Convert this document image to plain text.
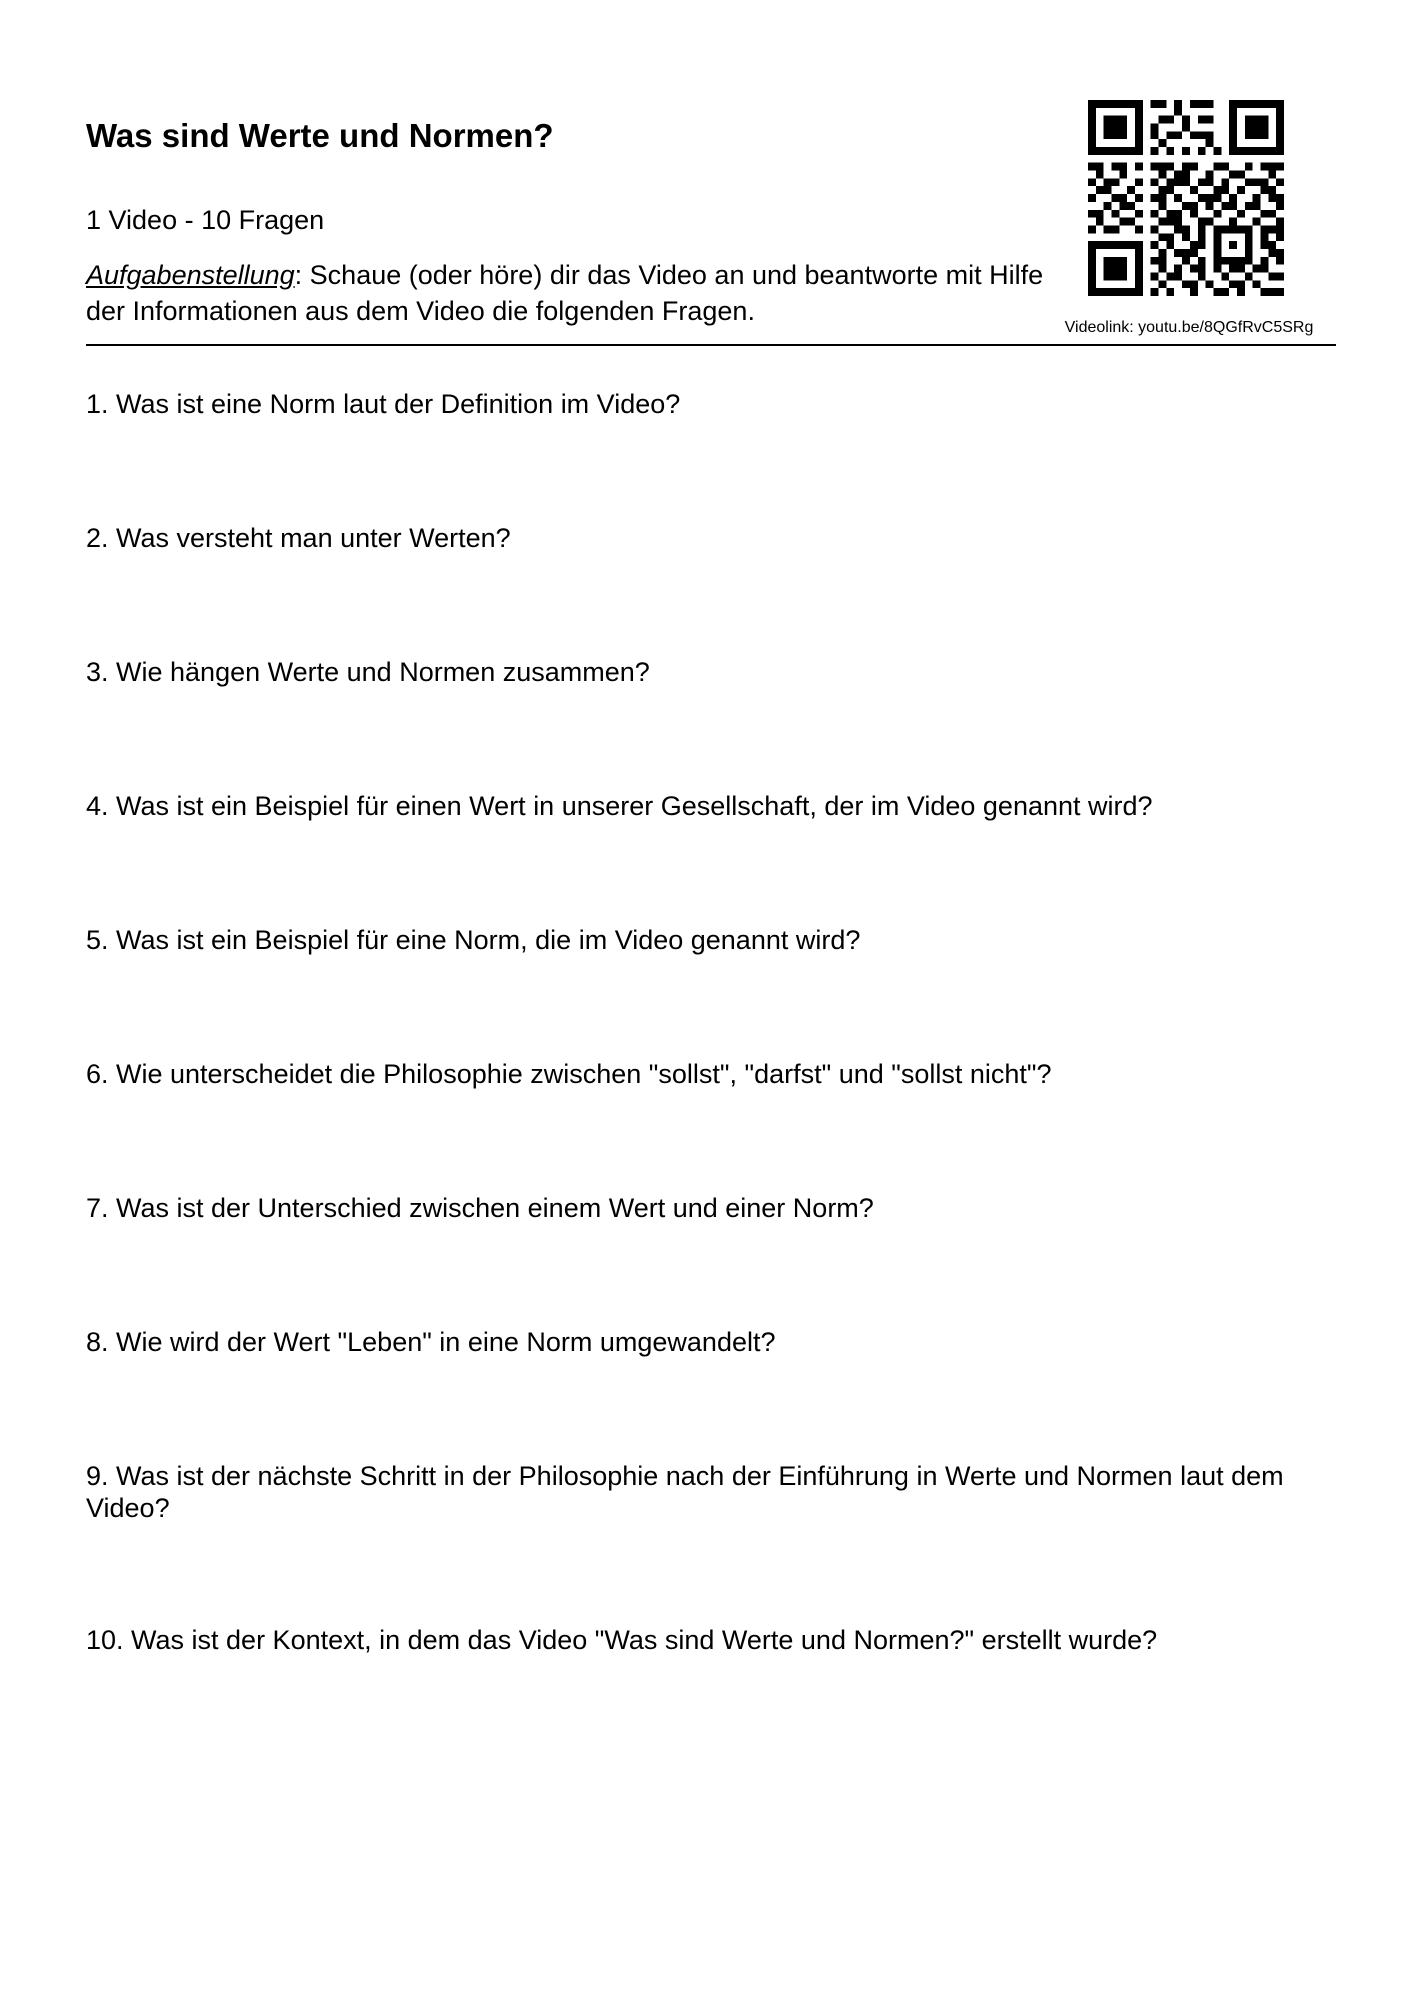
Was sind Werte und Normen?
1 Video - 10 Fragen
Aufgabenstellung: Schaue (oder höre) dir das Video an und beantworte mit Hilfe der Informationen aus dem Video die folgenden Fragen.
Videolink: youtu.be/8QGfRvC5SRg
1. Was ist eine Norm laut der Definition im Video?
2. Was versteht man unter Werten?
3. Wie hängen Werte und Normen zusammen?
4. Was ist ein Beispiel für einen Wert in unserer Gesellschaft, der im Video genannt wird?
5. Was ist ein Beispiel für eine Norm, die im Video genannt wird?
6. Wie unterscheidet die Philosophie zwischen "sollst", "darfst" und "sollst nicht"?
7. Was ist der Unterschied zwischen einem Wert und einer Norm?
8. Wie wird der Wert "Leben" in eine Norm umgewandelt?
9. Was ist der nächste Schritt in der Philosophie nach der Einführung in Werte und Normen laut dem Video?
10. Was ist der Kontext, in dem das Video "Was sind Werte und Normen?" erstellt wurde?
